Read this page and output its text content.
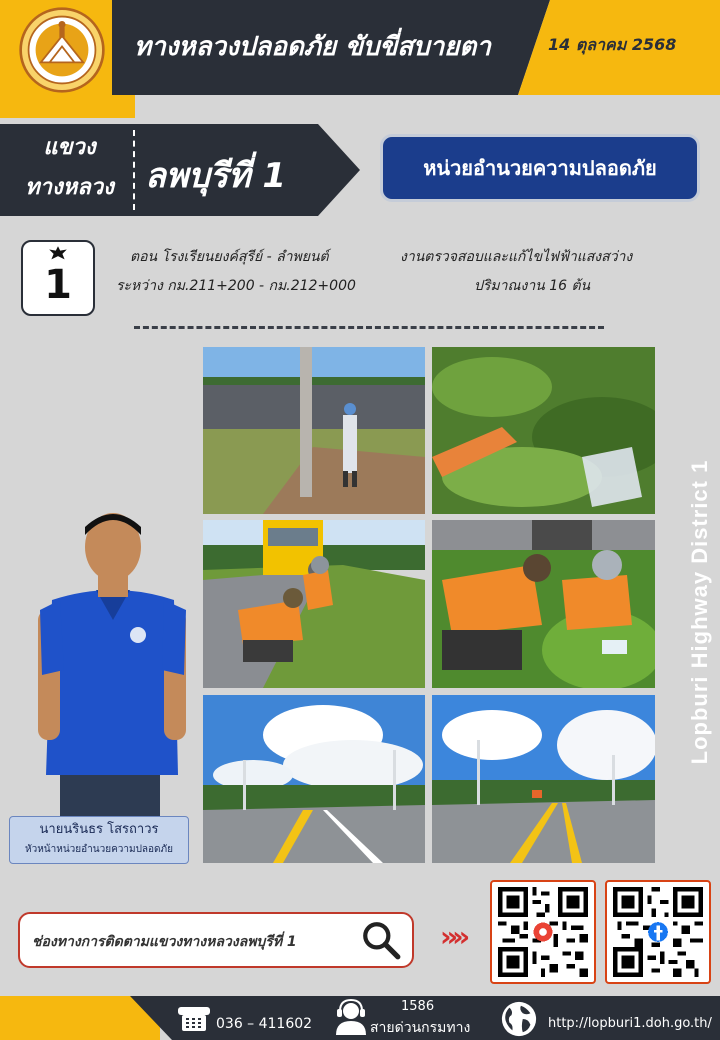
ทางหลวงปลอดภัย ขับขี่สบายตา	14 ตุลาคม 2568
แขวง
ทางหลวง ลพบุรีที่ 1	หน่วยอำนวยความปลอดภัย
1
ตอน โรงเรียนยงค์สุรีย์ - ลำพยนต์
ระหว่าง กม.211+200 - กม.212+000
งานตรวจสอบและแก้ไขไฟฟ้าแสงสว่าง
ปริมาณงาน 16 ต้น
Lopburi Highway District 1
นายนรินธร โสรถาวร
หัวหน้าหน่วยอำนวยความปลอดภัย
ช่องทางการติดตามแขวงทางหลวงลพบุรีที่ 1	»»
036 – 411602
1586
สายด่วนกรมทาง	http://lopburi1.doh.go.th/
